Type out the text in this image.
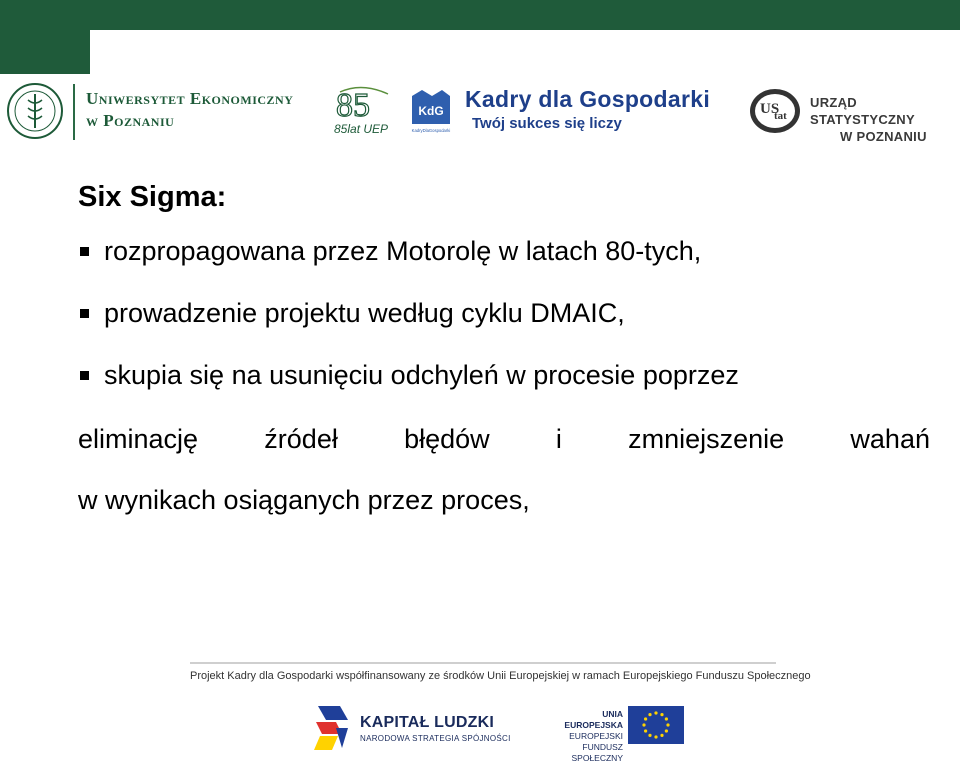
Uniwersytet Ekonomiczny
w Poznaniu	85
85lat UEP
KdG
KadryDlaGospodarki
Kadry dla Gospodarki
Twój sukces się liczy
US
tat
URZĄD STATYSTYCZNY
W POZNANIU
Six Sigma:
rozpropagowana przez Motorolę w latach 80-tych,
prowadzenie projektu według cyklu DMAIC,
skupia się na usunięciu odchyleń w procesie poprzez
eliminację źródeł błędów i zmniejszenie wahań
w wynikach osiąganych przez proces,
Projekt Kadry dla Gospodarki współfinansowany ze środków Unii Europejskiej w ramach Europejskiego Funduszu Społecznego
KAPITAŁ LUDZKI
NARODOWA STRATEGIA SPÓJNOŚCI
UNIA EUROPEJSKA
EUROPEJSKI
FUNDUSZ SPOŁECZNY
